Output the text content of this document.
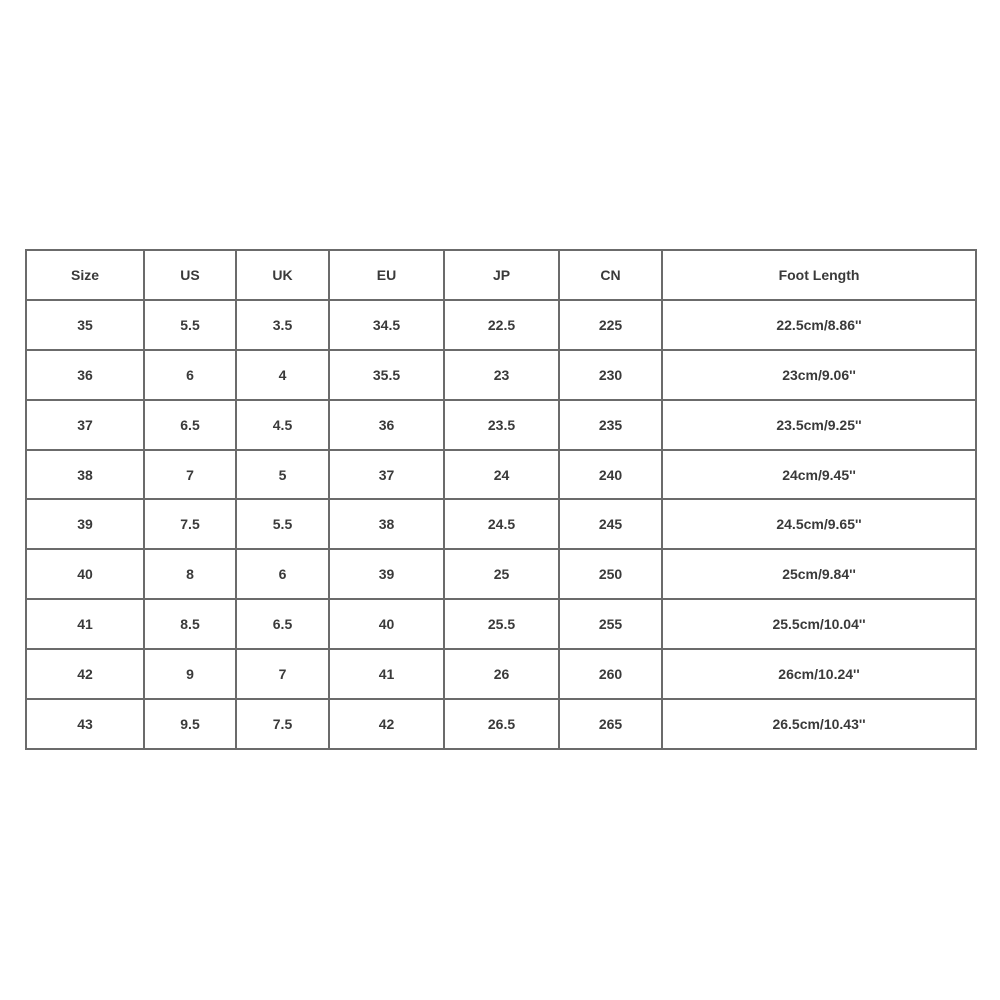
Size	US	UK	EU	JP	CN	Foot Length
35	5.5	3.5	34.5	22.5	225	22.5cm/8.86''
36	6	4	35.5	23	230	23cm/9.06''
37	6.5	4.5	36	23.5	235	23.5cm/9.25''
38	7	5	37	24	240	24cm/9.45''
39	7.5	5.5	38	24.5	245	24.5cm/9.65''
40	8	6	39	25	250	25cm/9.84''
41	8.5	6.5	40	25.5	255	25.5cm/10.04''
42	9	7	41	26	260	26cm/10.24''
43	9.5	7.5	42	26.5	265	26.5cm/10.43''
